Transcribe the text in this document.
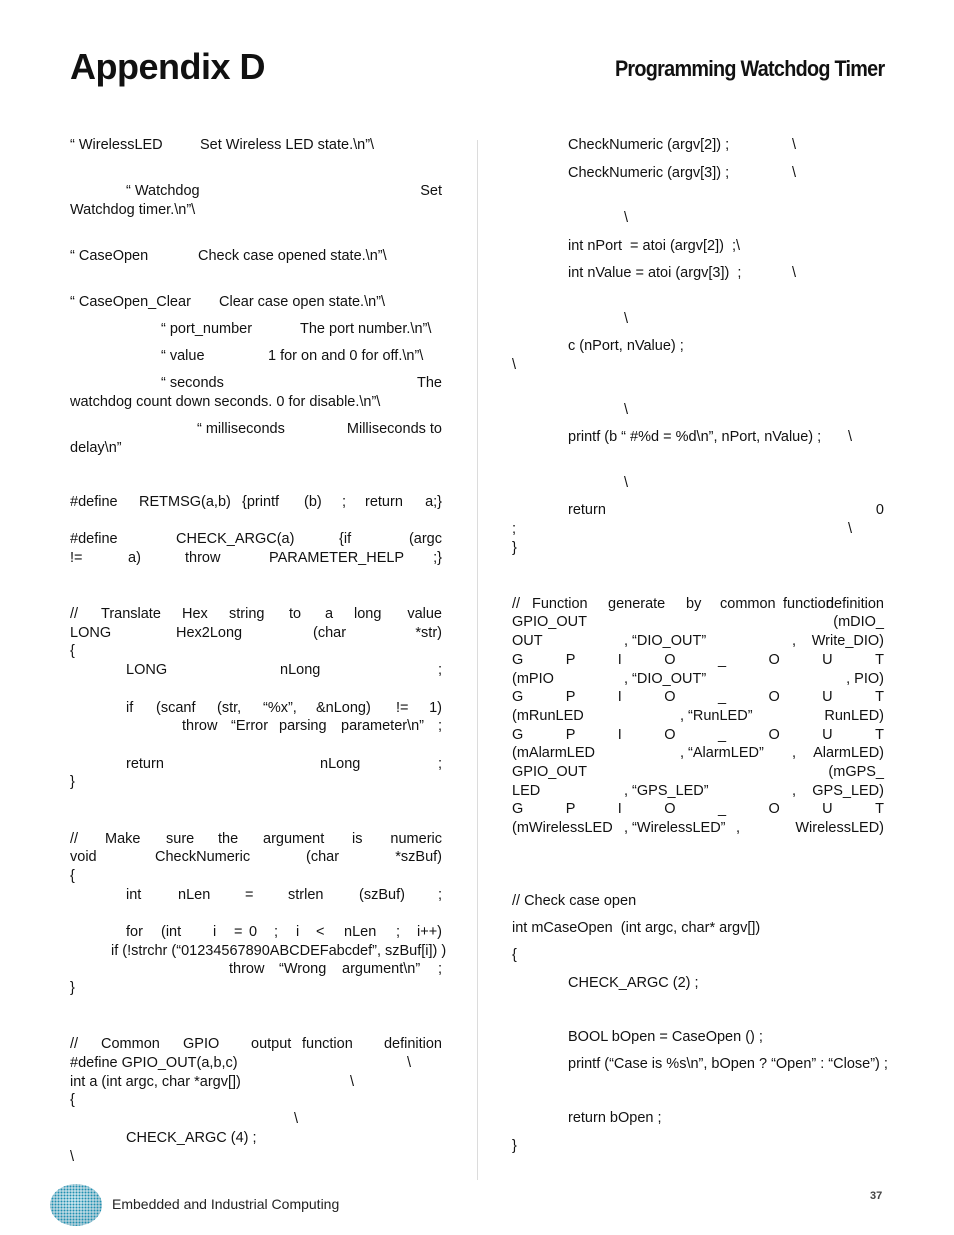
Appendix D	Programming Watchdog Timer
“ WirelessLED	Set Wireless LED state.\n”\
“ Watchdog	Set
Watchdog timer.\n”\
“ CaseOpen	Check case opened state.\n”\
“ CaseOpen_Clear Clear case open state.\n”\
“ port_number	The port number.\n”\
“ value	1 for on and 0 for off.\n”\
“ seconds	The
watchdog count down seconds. 0 for disable.\n”\
“ milliseconds	Milliseconds to
delay\n”
#define RETMSG(a,b) {printf (b) ; return a;}
#define	CHECK_ARGC(a)	{if	(argc
!=	a)	throw	PARAMETER_HELP ;}
// Translate Hex string to a long value
LONG	Hex2Long	(char	*str)
{
LONG	nLong	;
if (scanf (str, “%x”, &nLong) != 1)
throw “Error parsing parameter\n” ;
return	nLong	;
}
// Make sure the argument is numeric
void	CheckNumeric	(char	*szBuf)
{
int	nLen = strlen (szBuf) ;
for (int i = 0 ; i < nLen ; i++)
if (!strchr (“01234567890ABCDEFabcdef”, szBuf[i]) )
throw “Wrong argument\n” ;
}
// Common GPIO output function definition
#define GPIO_OUT(a,b,c)	\
int a (int argc, char *argv[])	\
{
\
CHECK_ARGC (4) ;
\
CheckNumeric (argv[2]) ;	\
CheckNumeric (argv[3]) ;	\
\
int nPort  = atoi (argv[2])  ;\
int nValue = atoi (argv[3])  ;	\
\
c (nPort, nValue) ;
\
\
printf (b “ #%d = %d\n”, nPort, nValue) ; \
\
return	0
;	\
}
// Function generate by common function
definition
GPIO_OUT	(mDIO_
OUT	, “DIO_OUT”	, Write_DIO)
G	P	I	O	_	O	U	T
(mPIO	, “DIO_OUT”	, PIO)
G	P	I	O	_	O	U	T
(mRunLED	, “RunLED”	RunLED)
G	P	I	O	_	O	U	T
(mAlarmLED	, “AlarmLED” , AlarmLED)
GPIO_OUT	(mGPS_
LED	, “GPS_LED”	, GPS_LED)
G	P	I	O	_	O	U	T
(mWirelessLED , “WirelessLED” ,	WirelessLED)
// Check case open
int mCaseOpen  (int argc, char* argv[])
{
CHECK_ARGC (2) ;
BOOL bOpen = CaseOpen () ;
printf (“Case is %s\n”, bOpen ? “Open” : “Close”) ;
return bOpen ;
}
Embedded and Industrial Computing	37
